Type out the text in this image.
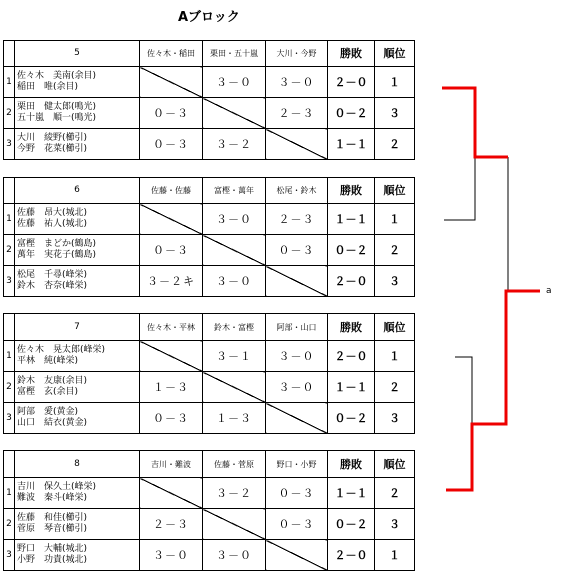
Aブロック
	5	佐々木・稲田	栗田・五十嵐	大川・今野	勝敗	順位
1	佐々木　美南(余目)
稲田　唯(余目)		３－０	３－０	２－０	１
2	栗田　健太郎(鳴光)
五十嵐　順一(鳴光)	０－３		２－３	０－２	３
3	大川　綾野(櫛引)
今野　花菜(櫛引)	０－３	３－２		１－１	２
	6	佐藤・佐藤	富樫・萬年	松尾・鈴木	勝敗	順位
1	佐藤　昂大(城北)
佐藤　祐人(城北)		３－０	２－３	１－１	１
2	富樫　まどか(鶴島)
萬年　実花子(鶴島)	０－３		０－３	０－２	２
3	松尾　千尋(峰栄)
鈴木　杏奈(峰栄)	３－２キ	３－０		２－０	３
	7	佐々木・平林	鈴木・富樫	阿部・山口	勝敗	順位
1	佐々木　晃太郎(峰栄)
平林　純(峰栄)		３－１	３－０	２－０	１
2	鈴木　友康(余目)
富樫　玄(余目)	１－３		３－０	１－１	２
3	阿部　愛(黄金)
山口　結衣(黄金)	０－３	１－３		０－２	３
	8	吉川・難波	佐藤・菅原	野口・小野	勝敗	順位
1	吉川　保久土(峰栄)
難波　秦斗(峰栄)		３－２	０－３	１－１	２
2	佐藤　和佳(櫛引)
菅原　琴音(櫛引)	２－３		０－３	０－２	３
3	野口　大輔(城北)
小野　功貴(城北)	３－０	３－０		２－０	１
a
